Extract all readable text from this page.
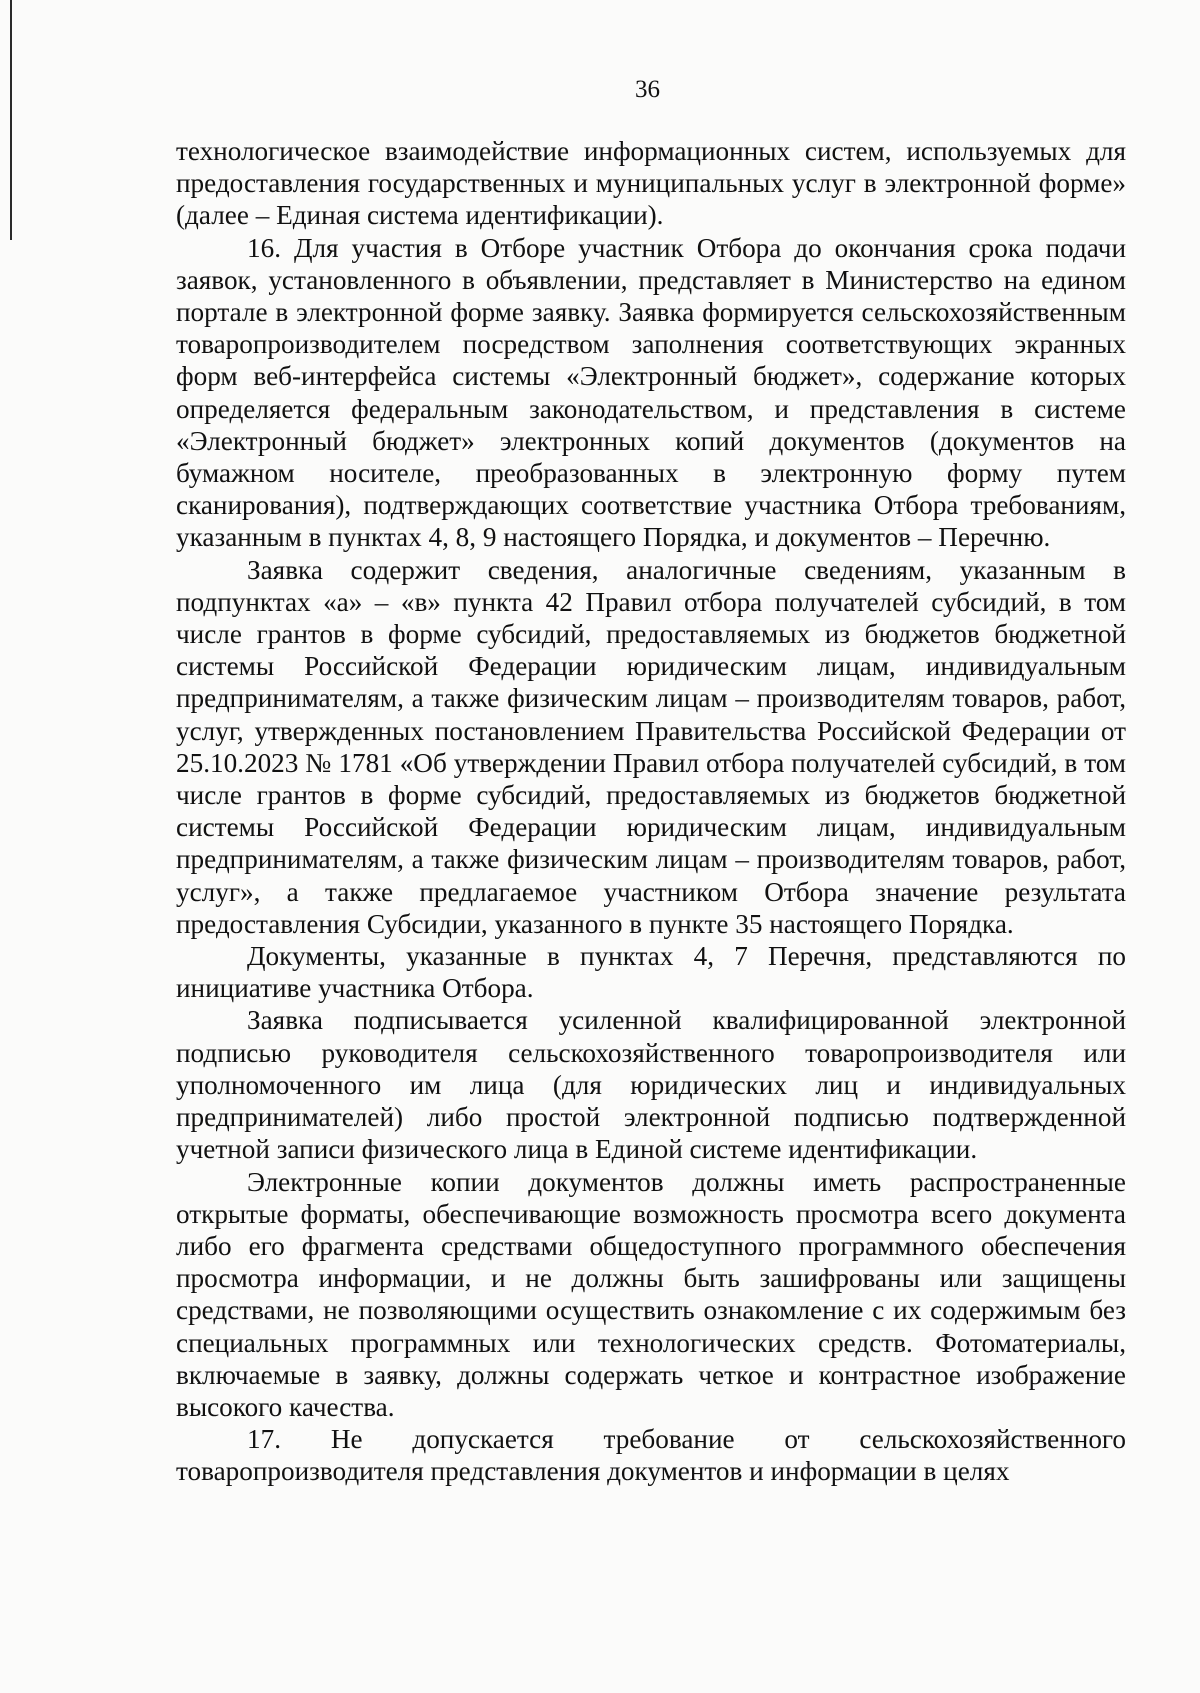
36

технологическое взаимодействие информационных систем, используемых для предоставления государственных и муниципальных услуг в электронной форме» (далее – Единая система идентификации).

16. Для участия в Отборе участник Отбора до окончания срока подачи заявок, установленного в объявлении, представляет в Министерство на едином портале в электронной форме заявку. Заявка формируется сельскохозяйственным товаропроизводителем посредством заполнения соответствующих экранных форм веб-интерфейса системы «Электронный бюджет», содержание которых определяется федеральным законодательством, и представления в системе «Электронный бюджет» электронных копий документов (документов на бумажном носителе, преобразованных в электронную форму путем сканирования), подтверждающих соответствие участника Отбора требованиям, указанным в пунктах 4, 8, 9 настоящего Порядка, и документов – Перечню.

Заявка содержит сведения, аналогичные сведениям, указанным в подпунктах «а» – «в» пункта 42 Правил отбора получателей субсидий, в том числе грантов в форме субсидий, предоставляемых из бюджетов бюджетной системы Российской Федерации юридическим лицам, индивидуальным предпринимателям, а также физическим лицам – производителям товаров, работ, услуг, утвержденных постановлением Правительства Российской Федерации от 25.10.2023 № 1781 «Об утверждении Правил отбора получателей субсидий, в том числе грантов в форме субсидий, предоставляемых из бюджетов бюджетной системы Российской Федерации юридическим лицам, индивидуальным предпринимателям, а также физическим лицам – производителям товаров, работ, услуг», а также предлагаемое участником Отбора значение результата предоставления Субсидии, указанного в пункте 35 настоящего Порядка.

Документы, указанные в пунктах 4, 7 Перечня, представляются по инициативе участника Отбора.

Заявка подписывается усиленной квалифицированной электронной подписью руководителя сельскохозяйственного товаропроизводителя или уполномоченного им лица (для юридических лиц и индивидуальных предпринимателей) либо простой электронной подписью подтвержденной учетной записи физического лица в Единой системе идентификации.

Электронные копии документов должны иметь распространенные открытые форматы, обеспечивающие возможность просмотра всего документа либо его фрагмента средствами общедоступного программного обеспечения просмотра информации, и не должны быть зашифрованы или защищены средствами, не позволяющими осуществить ознакомление с их содержимым без специальных программных или технологических средств. Фотоматериалы, включаемые в заявку, должны содержать четкое и контрастное изображение высокого качества.

17. Не допускается требование от сельскохозяйственного товаропроизводителя представления документов и информации в целях
